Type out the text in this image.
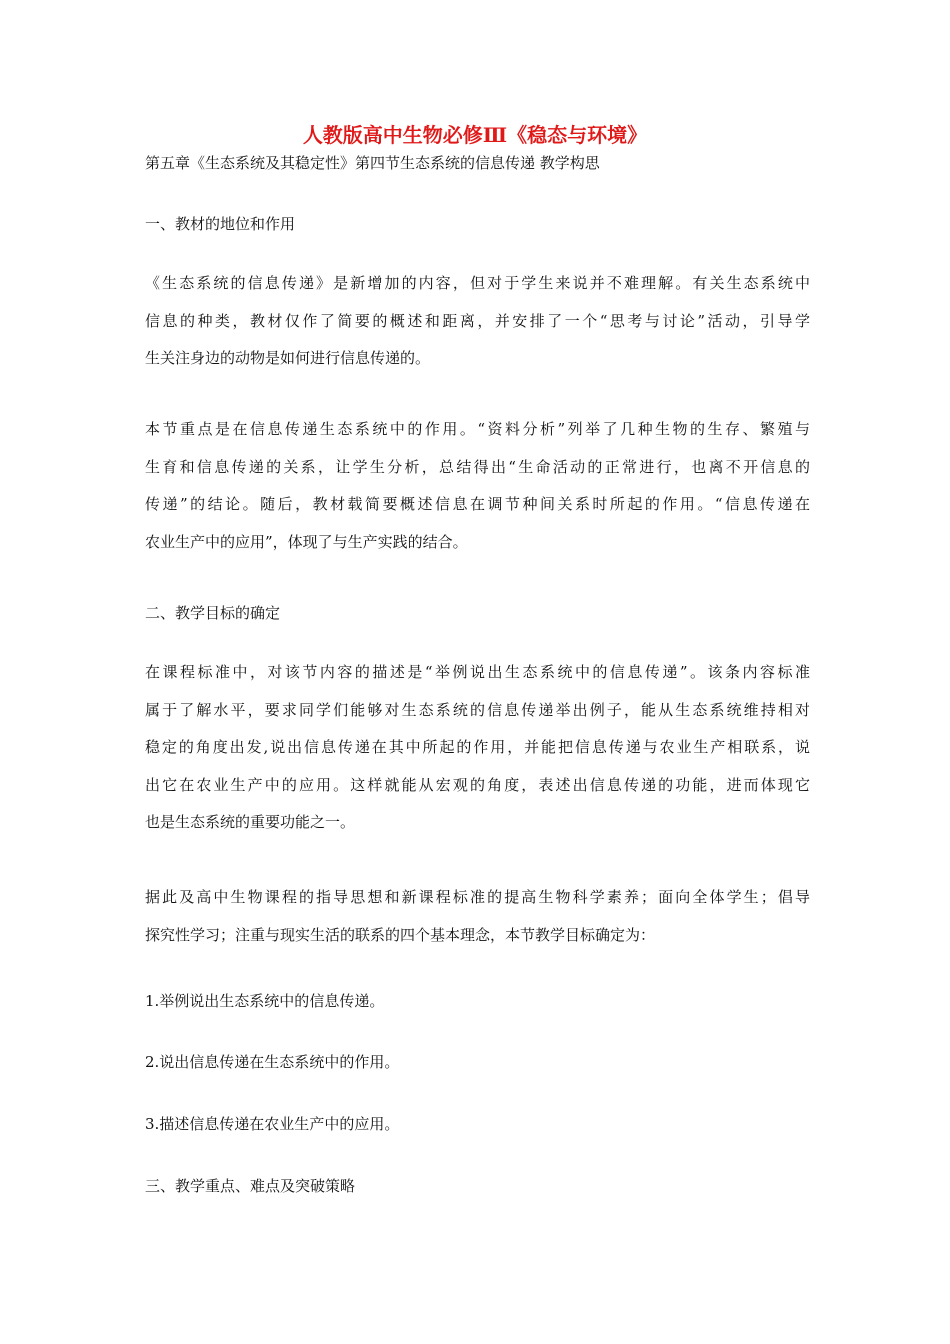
人教版高中生物必修Ⅲ《稳态与环境》
第五章《生态系统及其稳定性》第四节生态系统的信息传递 教学构思
一、教材的地位和作用
《生态系统的信息传递》是新增加的内容，但对于学生来说并不难理解。有关生态系统中
信息的种类，教材仅作了简要的概述和距离，并安排了一个“思考与讨论”活动，引导学
生关注身边的动物是如何进行信息传递的。
本节重点是在信息传递生态系统中的作用。“资料分析”列举了几种生物的生存、繁殖与
生育和信息传递的关系，让学生分析，总结得出“生命活动的正常进行，也离不开信息的
传递”的结论。随后，教材载简要概述信息在调节种间关系时所起的作用。“信息传递在
农业生产中的应用”，体现了与生产实践的结合。
二、教学目标的确定
在课程标准中，对该节内容的描述是“举例说出生态系统中的信息传递”。该条内容标准
属于了解水平，要求同学们能够对生态系统的信息传递举出例子，能从生态系统维持相对
稳定的角度出发,说出信息传递在其中所起的作用，并能把信息传递与农业生产相联系，说
出它在农业生产中的应用。这样就能从宏观的角度，表述出信息传递的功能，进而体现它
也是生态系统的重要功能之一。
据此及高中生物课程的指导思想和新课程标准的提高生物科学素养；面向全体学生；倡导
探究性学习；注重与现实生活的联系的四个基本理念，本节教学目标确定为：
1.举例说出生态系统中的信息传递。
2.说出信息传递在生态系统中的作用。
3.描述信息传递在农业生产中的应用。
三、教学重点、难点及突破策略
